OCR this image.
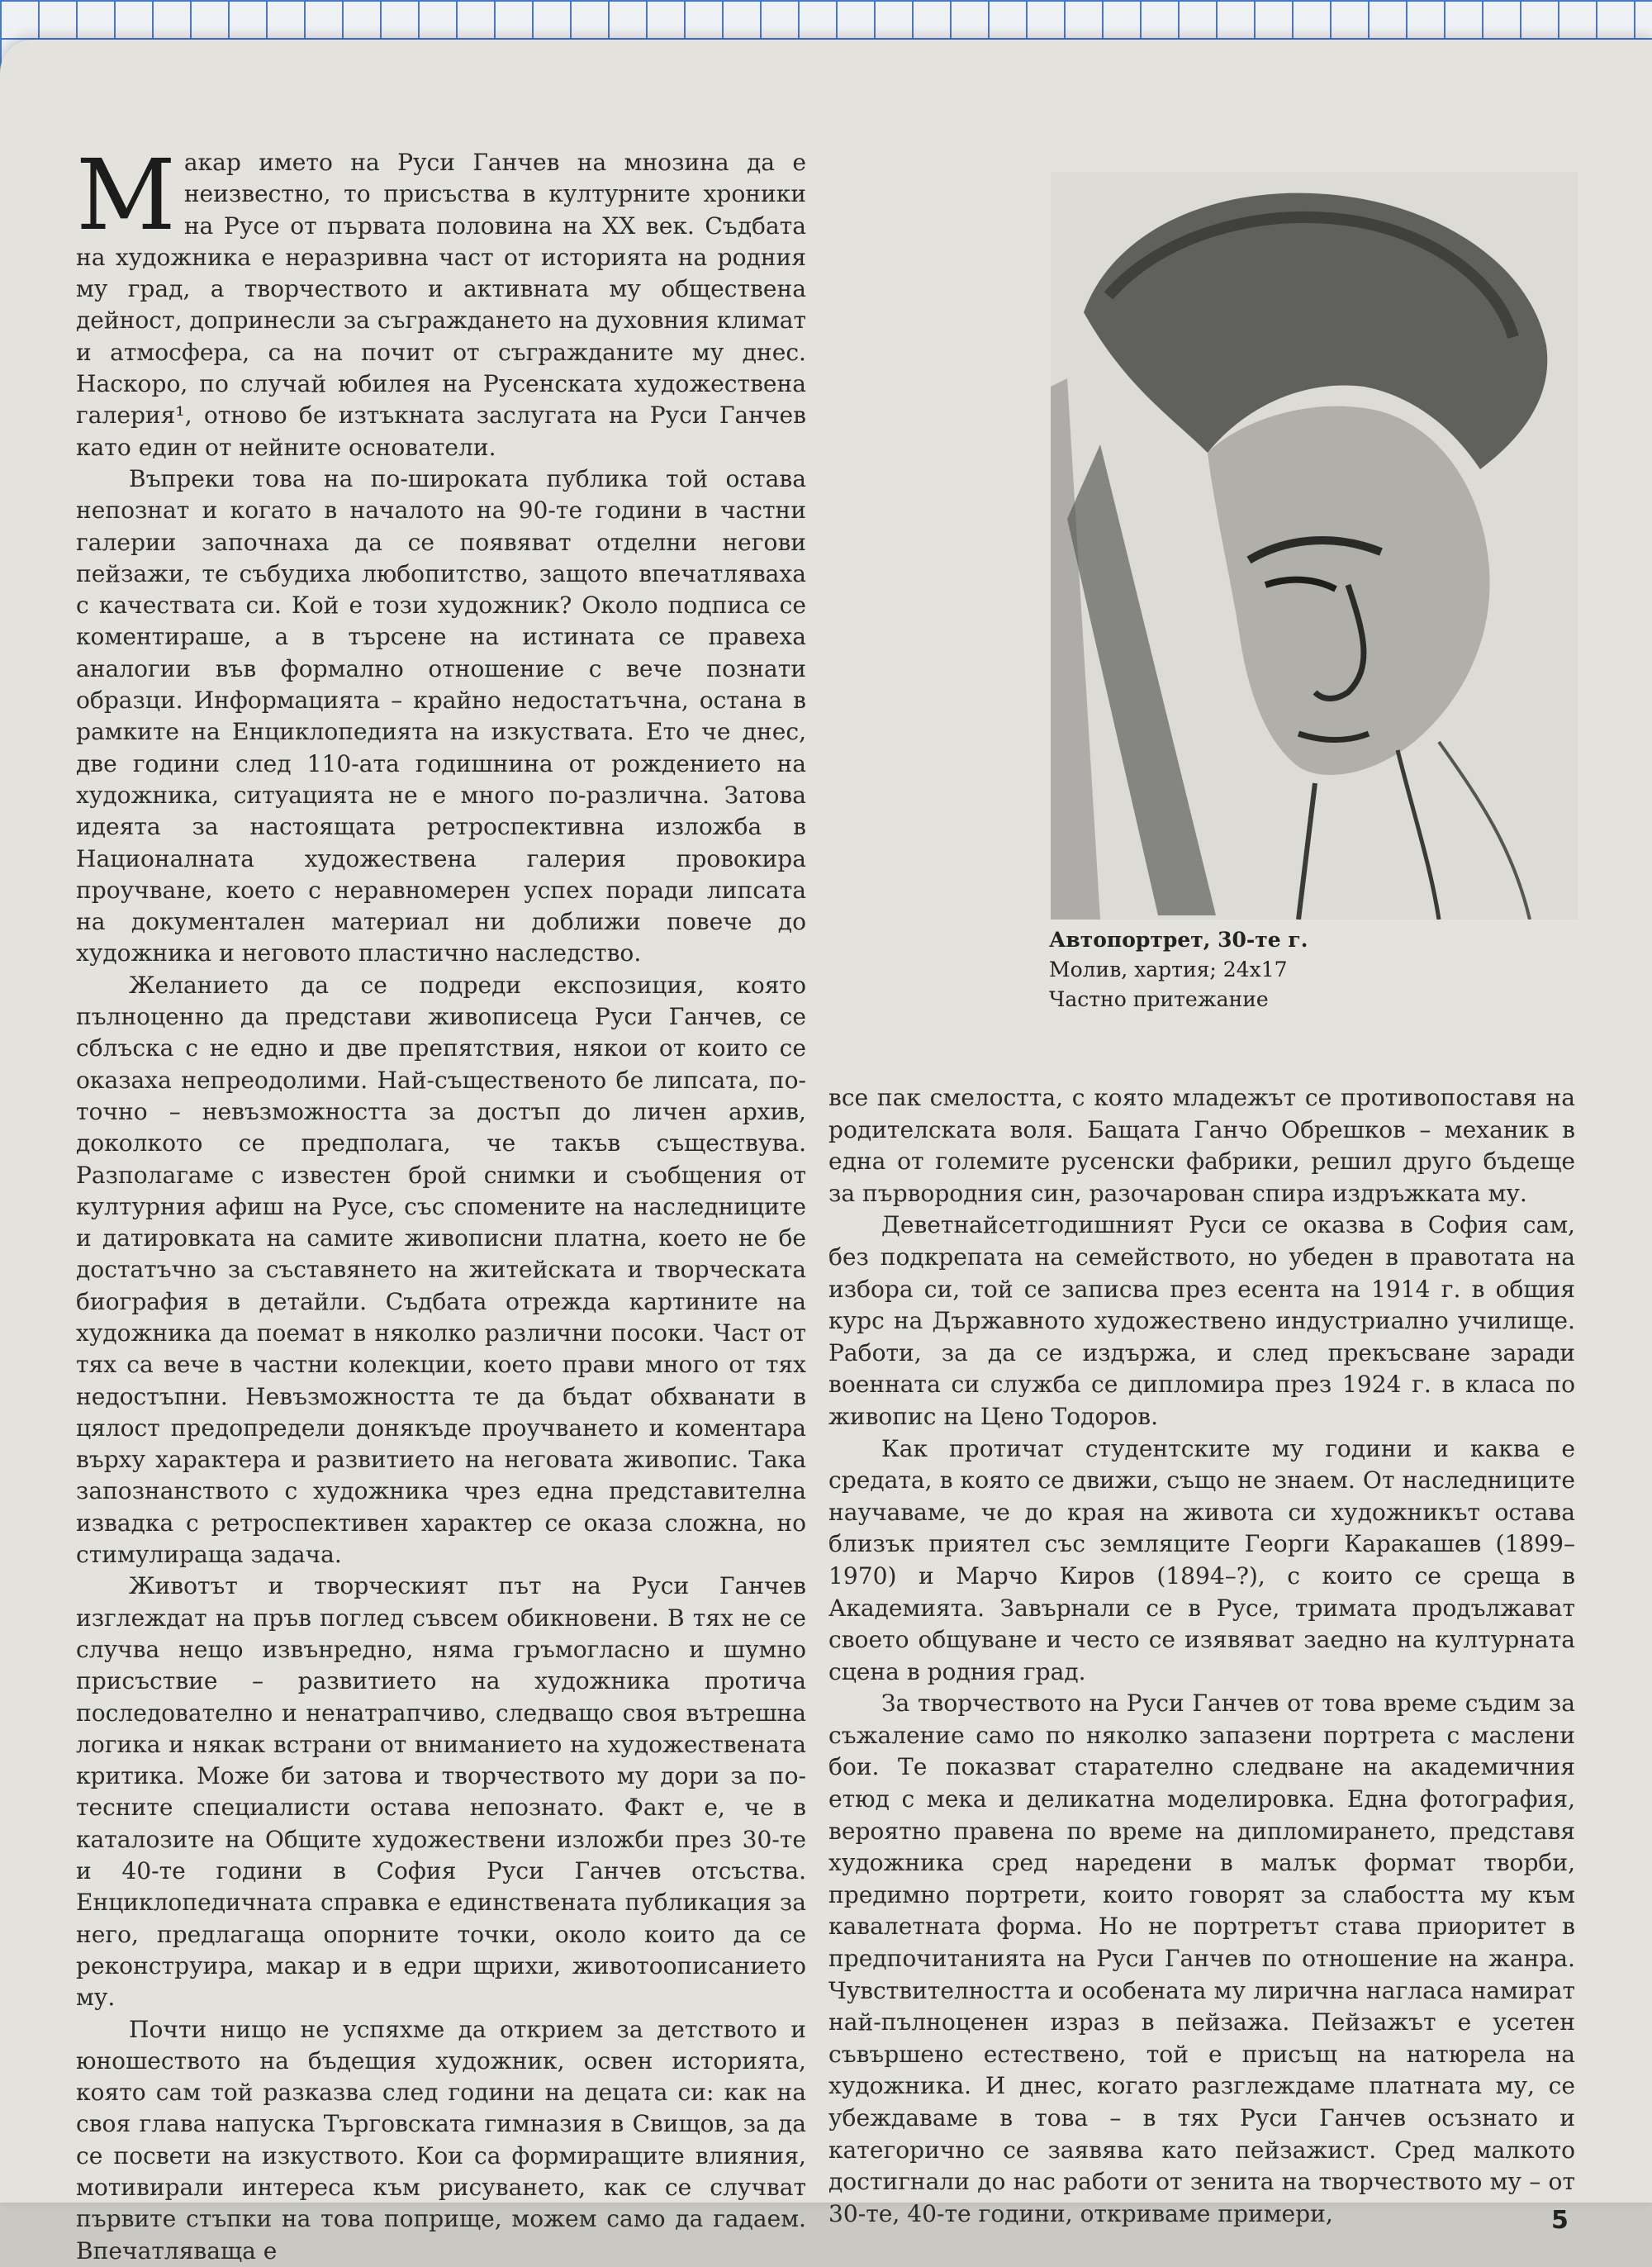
Макар името на Руси Ганчев на мнозина да е неизвестно, то присъства в културните хроники на Русе от първата половина на XX век. Съдбата на художника е неразривна част от историята на родния му град, а творчеството и активната му обществена дейност, допринесли за съграждането на духовния климат и атмосфера, са на почит от съгражданите му днес. Наскоро, по случай юбилея на Русенската художествена галерия¹, отново бе изтъкната заслугата на Руси Ганчев като един от нейните основатели.

Въпреки това на по-широката публика той остава непознат и когато в началото на 90-те години в частни галерии започнаха да се появяват отделни негови пейзажи, те събудиха любопитство, защото впечатляваха с качествата си. Кой е този художник? Около подписа се коментираше, а в търсене на истината се правеха аналогии във формално отношение с вече познати образци. Информацията – крайно недостатъчна, остана в рамките на Енциклопедията на изкуствата. Ето че днес, две години след 110-ата годишнина от рождението на художника, ситуацията не е много по-различна. Затова идеята за настоящата ретроспективна изложба в Националната художествена галерия провокира проучване, което с неравномерен успех поради липсата на документален материал ни доближи повече до художника и неговото пластично наследство.

Желанието да се подреди експозиция, която пълноценно да представи живописеца Руси Ганчев, се сблъска с не едно и две препятствия, някои от които се оказаха непреодолими. Най-същественото бе липсата, по-точно – невъзможността за достъп до личен архив, доколкото се предполага, че такъв съществува. Разполагаме с известен брой снимки и съобщения от културния афиш на Русе, със спомените на наследниците и датировката на самите живописни платна, което не бе достатъчно за съставянето на житейската и творческата биография в детайли. Съдбата отрежда картините на художника да поемат в няколко различни посоки. Част от тях са вече в частни колекции, което прави много от тях недостъпни. Невъзможността те да бъдат обхванати в цялост предопредели донякъде проучването и коментара върху характера и развитието на неговата живопис. Така запознанството с художника чрез една представителна извадка с ретроспективен характер се оказа сложна, но стимулираща задача.

Животът и творческият път на Руси Ганчев изглеждат на пръв поглед съвсем обикновени. В тях не се случва нещо извънредно, няма гръмогласно и шумно присъствие – развитието на художника протича последователно и ненатрапчиво, следващо своя вътрешна логика и някак встрани от вниманието на художествената критика. Може би затова и творчеството му дори за по-тесните специалисти остава непознато. Факт е, че в каталозите на Общите художествени изложби през 30-те и 40-те години в София Руси Ганчев отсъства. Енциклопедичната справка е единствената публикация за него, предлагаща опорните точки, около които да се реконструира, макар и в едри щрихи, животоописанието му.

Почти нищо не успяхме да открием за детството и юношеството на бъдещия художник, освен историята, която сам той разказва след години на децата си: как на своя глава напуска Търговската гимназия в Свищов, за да се посвети на изкуството. Кои са формиращите влияния, мотивирали интереса към рисуването, как се случват първите стъпки на това поприще, можем само да гадаем. Впечатляваща е

Автопортрет, 30-те г.
Молив, хартия; 24x17
Частно притежание

все пак смелостта, с която младежът се противопоставя на родителската воля. Бащата Ганчо Обрешков – механик в една от големите русенски фабрики, решил друго бъдеще за първородния син, разочарован спира издръжката му.

Деветнайсетгодишният Руси се оказва в София сам, без подкрепата на семейството, но убеден в правотата на избора си, той се записва през есента на 1914 г. в общия курс на Държавното художествено индустриално училище. Работи, за да се издържа, и след прекъсване заради военната си служба се дипломира през 1924 г. в класа по живопис на Цено Тодоров.

Как протичат студентските му години и каква е средата, в която се движи, също не знаем. От наследниците научаваме, че до края на живота си художникът остава близък приятел със земляците Георги Каракашев (1899–1970) и Марчо Киров (1894–?), с които се среща в Академията. Завърнали се в Русе, тримата продължават своето общуване и често се изявяват заедно на културната сцена в родния град.

За творчеството на Руси Ганчев от това време съдим за съжаление само по няколко запазени портрета с маслени бои. Те показват старателно следване на академичния етюд с мека и деликатна моделировка. Една фотография, вероятно правена по време на дипломирането, представя художника сред наредени в малък формат творби, предимно портрети, които говорят за слабостта му към кавалетната форма. Но не портретът става приоритет в предпочитанията на Руси Ганчев по отношение на жанра. Чувствителността и особената му лирична нагласа намират най-пълноценен израз в пейзажа. Пейзажът е усетен съвършено естествено, той е присъщ на натюрела на художника. И днес, когато разглеждаме платната му, се убеждаваме в това – в тях Руси Ганчев осъзнато и категорично се заявява като пейзажист. Сред малкото достигнали до нас работи от зенита на творчеството му – от 30-те, 40-те години, откриваме примери,	5
